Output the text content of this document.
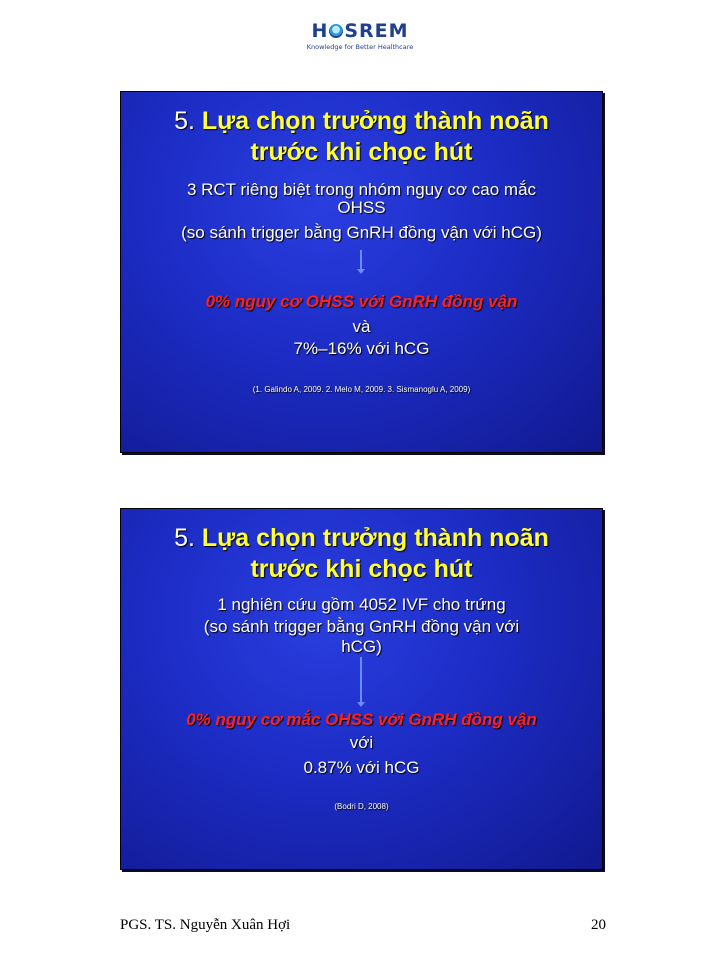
H SREM
Knowledge for Better Healthcare
5. Lựa chọn trưởng thành noãn
trước khi chọc hút
3 RCT riêng biệt trong nhóm nguy cơ cao mắc
OHSS
(so sánh trigger bằng GnRH đồng vận với hCG)
0% nguy cơ OHSS với GnRH đồng vận
và
7%–16% với hCG
(1. Galindo A, 2009. 2. Melo M, 2009. 3. Sismanoglu A, 2009)
5. Lựa chọn trưởng thành noãn
trước khi chọc hút
1 nghiên cứu gồm 4052 IVF cho trứng
(so sánh trigger bằng GnRH đồng vận với
hCG)
0% nguy cơ mắc OHSS với GnRH đồng vận
với
0.87% với hCG
(Bodri D, 2008)
PGS. TS. Nguyễn Xuân Hợi	20
